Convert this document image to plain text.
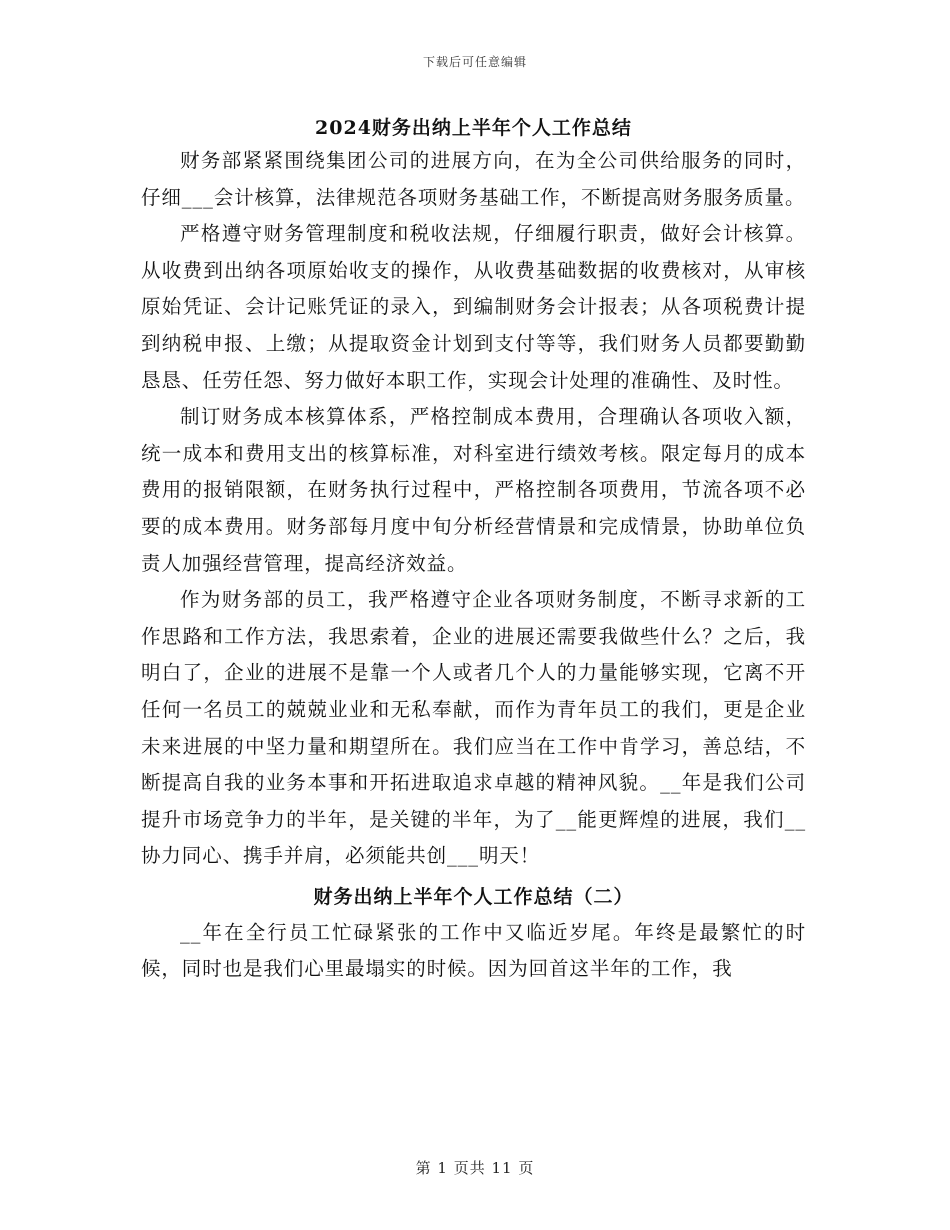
下载后可任意编辑
2024财务出纳上半年个人工作总结

财务部紧紧围绕集团公司的进展方向，在为全公司供给服务的同时，仔细___会计核算，法律规范各项财务基础工作，不断提高财务服务质量。

严格遵守财务管理制度和税收法规，仔细履行职责，做好会计核算。从收费到出纳各项原始收支的操作，从收费基础数据的收费核对，从审核原始凭证、会计记账凭证的录入，到编制财务会计报表；从各项税费计提到纳税申报、上缴；从提取资金计划到支付等等，我们财务人员都要勤勤恳恳、任劳任怨、努力做好本职工作，实现会计处理的准确性、及时性。

制订财务成本核算体系，严格控制成本费用，合理确认各项收入额，统一成本和费用支出的核算标准，对科室进行绩效考核。限定每月的成本费用的报销限额，在财务执行过程中，严格控制各项费用，节流各项不必要的成本费用。财务部每月度中旬分析经营情景和完成情景，协助单位负责人加强经营管理，提高经济效益。

作为财务部的员工，我严格遵守企业各项财务制度，不断寻求新的工作思路和工作方法，我思索着，企业的进展还需要我做些什么？之后，我明白了，企业的进展不是靠一个人或者几个人的力量能够实现，它离不开任何一名员工的兢兢业业和无私奉献，而作为青年员工的我们，更是企业未来进展的中坚力量和期望所在。我们应当在工作中肯学习，善总结，不断提高自我的业务本事和开拓进取追求卓越的精神风貌。__年是我们公司提升市场竞争力的半年，是关键的半年，为了__能更辉煌的进展，我们__协力同心、携手并肩，必须能共创___明天！

财务出纳上半年个人工作总结（二）

__年在全行员工忙碌紧张的工作中又临近岁尾。年终是最繁忙的时候，同时也是我们心里最塌实的时候。因为回首这半年的工作，我

第 1 页共 11 页
